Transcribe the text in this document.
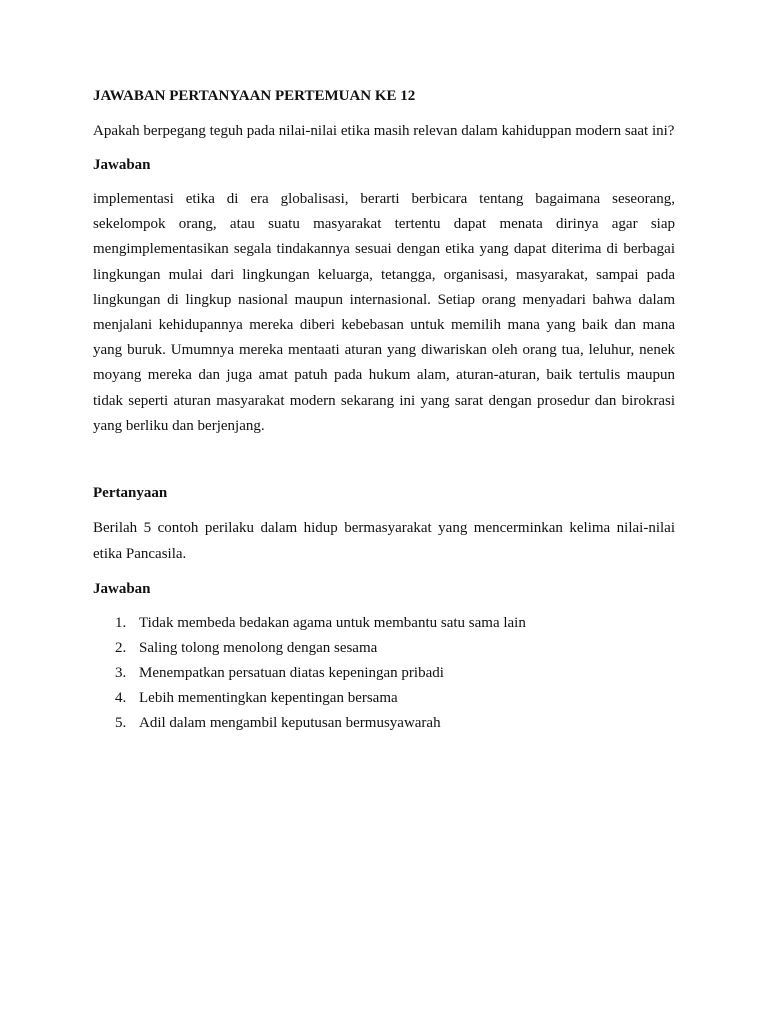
JAWABAN PERTANYAAN PERTEMUAN KE 12

Apakah berpegang teguh pada nilai-nilai etika masih relevan dalam kahiduppan modern saat ini?

Jawaban

implementasi etika di era globalisasi, berarti berbicara tentang bagaimana seseorang, sekelompok orang, atau suatu masyarakat tertentu dapat menata dirinya agar siap mengimplementasikan segala tindakannya sesuai dengan etika yang dapat diterima di berbagai lingkungan mulai dari lingkungan keluarga, tetangga, organisasi, masyarakat, sampai pada lingkungan di lingkup nasional maupun internasional. Setiap orang menyadari bahwa dalam menjalani kehidupannya mereka diberi kebebasan untuk memilih mana yang baik dan mana yang buruk. Umumnya mereka mentaati aturan yang diwariskan oleh orang tua, leluhur, nenek moyang mereka dan juga amat patuh pada hukum alam, aturan-aturan, baik tertulis maupun tidak seperti aturan masyarakat modern sekarang ini yang sarat dengan prosedur dan birokrasi yang berliku dan berjenjang.

Pertanyaan

Berilah 5 contoh perilaku dalam hidup bermasyarakat yang mencerminkan kelima nilai-nilai etika Pancasila.

Jawaban
1. Tidak membeda bedakan agama untuk membantu satu sama lain
2. Saling tolong menolong dengan sesama
3. Menempatkan persatuan diatas kepeningan pribadi
4. Lebih mementingkan kepentingan bersama
5. Adil dalam mengambil keputusan bermusyawarah
